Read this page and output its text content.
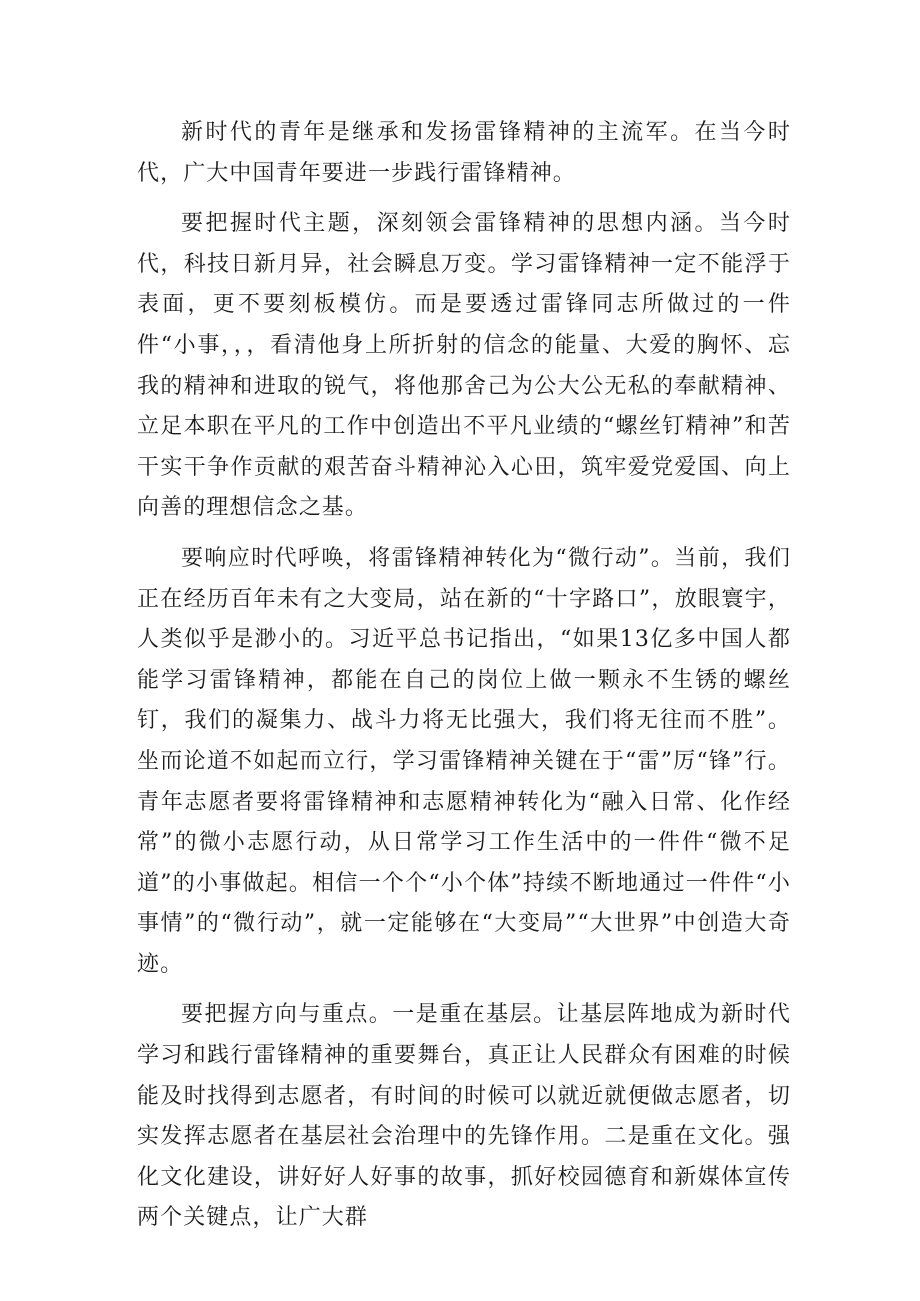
新时代的青年是继承和发扬雷锋精神的主流军。在当今时代，广大中国青年要进一步践行雷锋精神。

要把握时代主题，深刻领会雷锋精神的思想内涵。当今时代，科技日新月异，社会瞬息万变。学习雷锋精神一定不能浮于表面，更不要刻板模仿。而是要透过雷锋同志所做过的一件件“小事，，，看清他身上所折射的信念的能量、大爱的胸怀、忘我的精神和进取的锐气，将他那舍己为公大公无私的奉献精神、立足本职在平凡的工作中创造出不平凡业绩的“螺丝钉精神”和苦干实干争作贡献的艰苦奋斗精神沁入心田，筑牢爱党爱国、向上向善的理想信念之基。

要响应时代呼唤，将雷锋精神转化为“微行动”。当前，我们正在经历百年未有之大变局，站在新的“十字路口”，放眼寰宇，人类似乎是渺小的。习近平总书记指出，“如果13亿多中国人都能学习雷锋精神，都能在自己的岗位上做一颗永不生锈的螺丝钉，我们的凝集力、战斗力将无比强大，我们将无往而不胜”。坐而论道不如起而立行，学习雷锋精神关键在于“雷”厉“锋”行。青年志愿者要将雷锋精神和志愿精神转化为“融入日常、化作经常”的微小志愿行动，从日常学习工作生活中的一件件“微不足道”的小事做起。相信一个个“小个体”持续不断地通过一件件“小事情”的“微行动”，就一定能够在“大变局”“大世界”中创造大奇迹。

要把握方向与重点。一是重在基层。让基层阵地成为新时代学习和践行雷锋精神的重要舞台，真正让人民群众有困难的时候能及时找得到志愿者，有时间的时候可以就近就便做志愿者，切实发挥志愿者在基层社会治理中的先锋作用。二是重在文化。强化文化建设，讲好好人好事的故事，抓好校园德育和新媒体宣传两个关键点，让广大群
